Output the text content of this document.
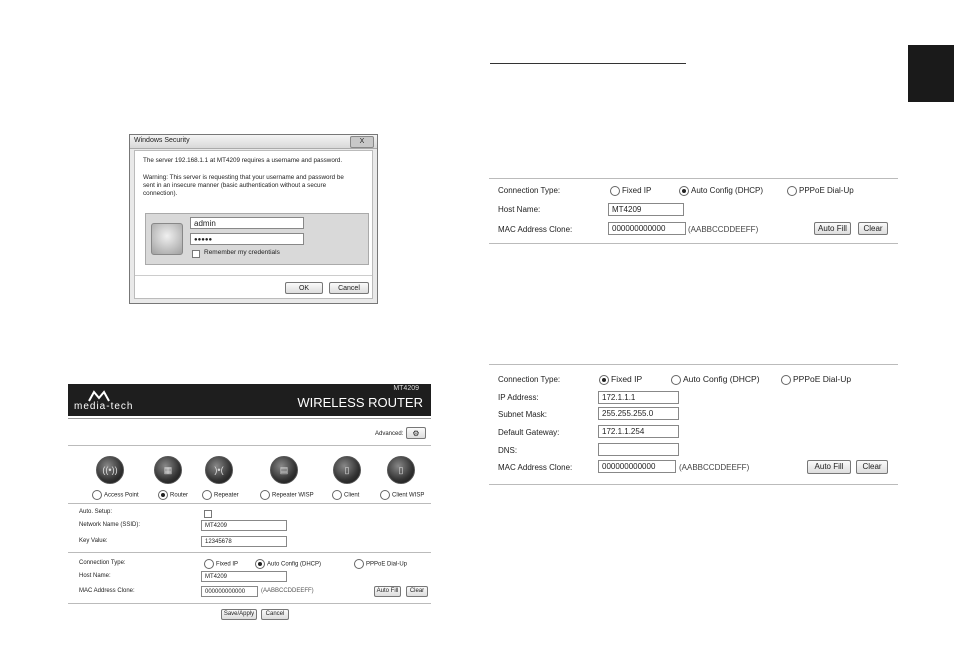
Windows Security	X
The server 192.168.1.1 at MT4209 requires a username and password.
Warning: This server is requesting that your username and password be
sent in an insecure manner (basic authentication without a secure
connection).
admin
●●●●●
Remember my credentials
OK	Cancel
media-tech
MT4209
WIRELESS ROUTER
Advanced:	⚙
((•))	▦	)•(	▤	▯	▯
Access Point	Router	Repeater	Repeater WISP	Client	Client WISP
Auto. Setup:
Network Name (SSID):	MT4209
Key Value:	12345678
Connection Type:	Fixed IP	Auto Config (DHCP)	PPPoE Dial-Up
Host Name:	MT4209
MAC Address Clone:	000000000000	(AABBCCDDEEFF)	Auto Fill	Clear
Save/Apply	Cancel
Connection Type:	Fixed IP	Auto Config (DHCP)	PPPoE Dial-Up
Host Name:	MT4209
MAC Address Clone:	000000000000	(AABBCCDDEEFF)	Auto Fill	Clear
Connection Type:	Fixed IP	Auto Config (DHCP)	PPPoE Dial-Up
IP Address:	172.1.1.1
Subnet Mask:	255.255.255.0
Default Gateway:	172.1.1.254
DNS:
MAC Address Clone:	000000000000	(AABBCCDDEEFF)	Auto Fill	Clear
